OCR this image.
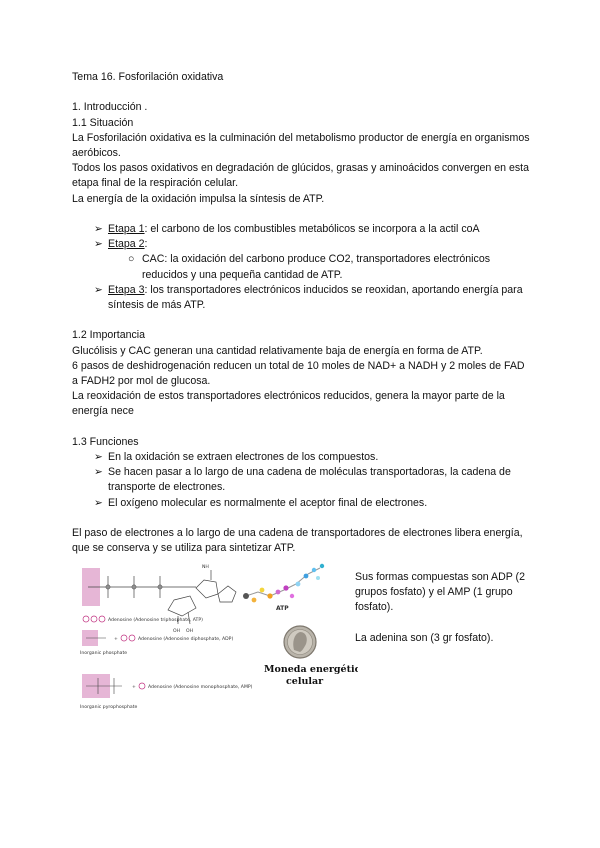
Tema 16. Fosforilación oxidativa
1. Introducción .
1.1 Situación
La Fosforilación oxidativa es la culminación del metabolismo productor de energía en organismos aeróbicos.
Todos los pasos oxidativos en degradación de glúcidos, grasas y aminoácidos convergen en esta etapa final de la respiración celular.
La energía de la oxidación impulsa la síntesis de ATP.
➢ Etapa 1: el carbono de los combustibles metabólicos se incorpora a la actil coA
➢ Etapa 2:
○ CAC: la oxidación del carbono produce CO2, transportadores electrónicos reducidos y una pequeña cantidad de ATP.
➢ Etapa 3: los transportadores electrónicos inducidos se reoxidan, aportando energía para síntesis de más ATP.
1.2 Importancia
Glucólisis y CAC generan una cantidad relativamente baja de energía en forma de ATP.
6 pasos de deshidrogenación reducen un total de 10 moles de NAD+ a NADH y 2 moles de FAD a FADH2 por mol de glucosa.
La reoxidación de estos transportadores electrónicos reducidos, genera la mayor parte de la energía nece
1.3 Funciones
➢ En la oxidación se extraen electrones de los compuestos.
➢ Se hacen pasar a lo largo de una cadena de moléculas transportadoras, la cadena de transporte de electrones.
➢ El oxígeno molecular es normalmente el aceptor final de electrones.
El paso de electrones a lo largo de una cadena de transportadores de electrones libera energía, que se conserva y se utiliza para sintetizar ATP.
NH
OH OH
ATP
Adenosine (Adenosine triphosphate, ATP)
+	Adenosine (Adenosine diphosphate, ADP)
Inorganic phosphate
+	Adenosine (Adenosine monophosphate, AMP)
Inorganic pyrophosphate
Moneda energética
celular

Sus formas compuestas son ADP (2 grupos fosfato) y el AMP (1 grupo fosfato).

La adenina son (3 gr fosfato).
